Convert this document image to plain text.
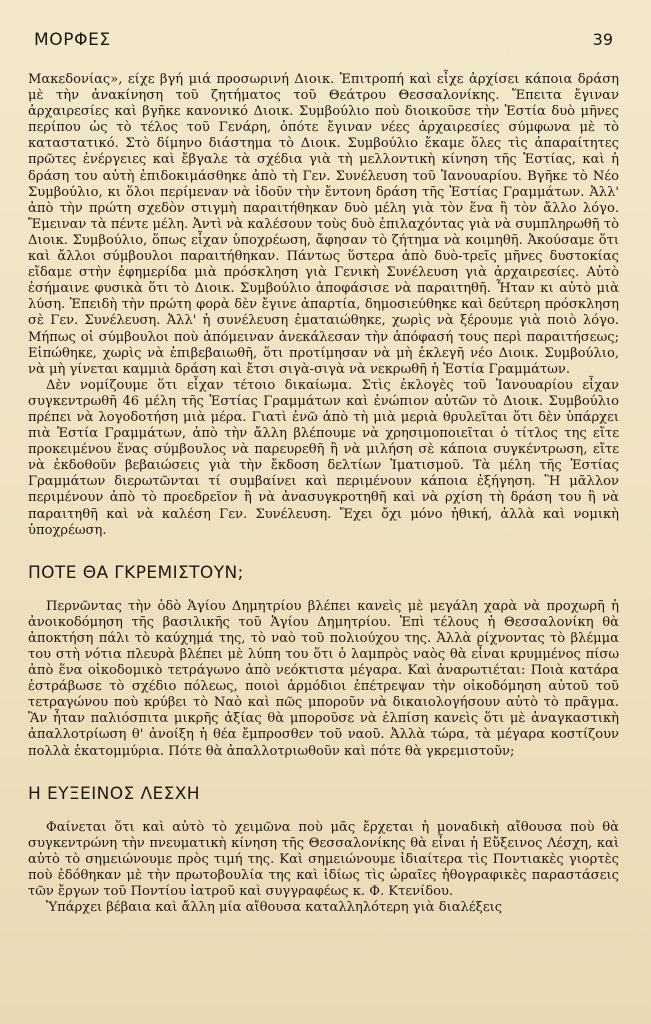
ΜΟΡΦΕΣ	39

Μακεδονίας», είχε βγή μιά προσωρινή Διοικ. Ἐπιτροπή καὶ εἶχε ἀρχίσει κάποια δράση μὲ τὴν ἀνακίνηση τοῦ ζητήματος τοῦ Θεάτρου Θεσσαλονίκης. Ἔπειτα ἔγιναν ἀρχαιρεσίες καὶ βγῆκε κανονικό Διοικ. Συμβούλιο ποὺ διοικοῦσε τὴν Ἑστία δυὸ μῆνες περίπου ὡς τὸ τέλος τοῦ Γενάρη, ὁπότε ἔγιναν νέες ἀρχαιρεσίες σύμφωνα μὲ τὸ καταστατικό. Στὸ δίμηνο διάστημα τὸ Διοικ. Συμβούλιο ἔκαμε ὅλες τὶς ἀπαραίτητες πρῶτες ἐνέργειες καὶ ἔβγαλε τὰ σχέδια γιὰ τὴ μελλοντικὴ κίνηση τῆς Ἑστίας, καὶ ἡ δράση του αὐτὴ ἐπιδοκιμάσθηκε ἀπὸ τὴ Γεν. Συνέλευση τοῦ Ἰανουαρίου. Βγῆκε τὸ Νέο Συμβούλιο, κι ὅλοι περίμεναν νὰ ἰδοῦν τὴν ἔντονη δράση τῆς Ἑστίας Γραμμάτων. Ἀλλ' ἀπὸ τὴν πρώτη σχεδὸν στιγμὴ παραιτήθηκαν δυὸ μέλη γιὰ τὸν ἕνα ἢ τὸν ἄλλο λόγο. Ἔμειναν τὰ πέντε μέλη. Ἀντὶ νὰ καλέσουν τοὺς δυὸ ἐπιλαχόντας γιὰ νὰ συμπληρωθῆ τὸ Διοικ. Συμβούλιο, ὅπως εἶχαν ὑποχρέωση, ἄφησαν τὸ ζήτημα νὰ κοιμηθῆ. Ἀκούσαμε ὅτι καὶ ἄλλοι σύμβουλοι παραιτήθηκαν. Πάντως ὕστερα ἀπὸ δυὸ-τρεῖς μῆνες δυστοκίας εἴδαμε στὴν ἐφημερίδα μιὰ πρόσκληση γιὰ Γενικὴ Συνέλευση γιὰ ἀρχαιρεσίες. Αὐτὸ ἐσήμαινε φυσικὰ ὅτι τὸ Διοικ. Συμβούλιο ἀποφάσισε νὰ παραιτηθῆ. Ἦταν κι αὐτὸ μιὰ λύση. Ἐπειδὴ τὴν πρώτη φορὰ δὲν ἔγινε ἀπαρτία, δημοσιεύθηκε καὶ δεύτερη πρόσκληση σὲ Γεν. Συνέλευση. Ἀλλ' ἡ συνέλευση ἐματαιώθηκε, χωρὶς νὰ ξέρουμε γιὰ ποιὸ λόγο. Μήπως οἱ σύμβουλοι ποὺ ἀπόμειναν ἀνεκάλεσαν τὴν ἀπόφασή τους περὶ παραιτήσεως; Εἰπώθηκε, χωρὶς νὰ ἐπιβεβαιωθῆ, ὅτι προτίμησαν νὰ μὴ ἐκλεγῆ νέο Διοικ. Συμβούλιο, νὰ μὴ γίνεται καμμιὰ δράση καὶ ἔτσι σιγὰ-σιγὰ νὰ νεκρωθῆ ἡ Ἑστία Γραμμάτων.

Δὲν νομίζουμε ὅτι εἶχαν τέτοιο δικαίωμα. Στὶς ἐκλογὲς τοῦ Ἰανουαρίου εἶχαν συγκεντρωθῆ 46 μέλη τῆς Ἑστίας Γραμμάτων καὶ ἐνώπιον αὐτῶν τὸ Διοικ. Συμβούλιο πρέπει νὰ λογοδοτήση μιὰ μέρα. Γιατὶ ἐνῶ ἀπὸ τὴ μιὰ μεριὰ θρυλεῖται ὅτι δὲν ὑπάρχει πιὰ Ἑστία Γραμμάτων, ἀπὸ τὴν ἄλλη βλέπουμε νὰ χρησιμοποιεῖται ὁ τίτλος της εἴτε προκειμένου ἕνας σύμβουλος νὰ παρευρεθῆ ἢ νὰ μιλήση σὲ κάποια συγκέντρωση, εἴτε νὰ ἐκδοθοῦν βεβαιώσεις γιὰ τὴν ἔκδοση δελτίων Ἱματισμοῦ. Τὰ μέλη τῆς Ἑστίας Γραμμάτων διερωτῶνται τί συμβαίνει καὶ περιμένουν κάποια ἐξήγηση. Ἢ μᾶλλον περιμένουν ἀπὸ τὸ προεδρεῖον ἢ νὰ ἀνασυγκροτηθῆ καὶ νὰ ρχίση τὴ δράση του ἢ νὰ παραιτηθῆ καὶ νὰ καλέση Γεν. Συνέλευση. Ἔχει ὄχι μόνο ἠθική, ἀλλὰ καὶ νομικὴ ὑποχρέωση.

ΠΟΤΕ ΘΑ ΓΚΡΕΜΙΣΤΟΥΝ;

Περνῶντας τὴν ὁδὸ Ἁγίου Δημητρίου βλέπει κανεὶς μὲ μεγάλη χαρὰ νὰ προχωρῆ ἡ ἀνοικοδόμηση τῆς βασιλικῆς τοῦ Ἁγίου Δημητρίου. Ἐπὶ τέλους ἡ Θεσσαλονίκη θὰ ἀποκτήση πάλι τὸ καύχημά της, τὸ ναὸ τοῦ πολιούχου της. Ἀλλὰ ρίχνοντας τὸ βλέμμα του στὴ νότια πλευρὰ βλέπει μὲ λύπη του ὅτι ὁ λαμπρὸς ναὸς θὰ εἶναι κρυμμένος πίσω ἀπὸ ἕνα οἰκοδομικὸ τετράγωνο ἀπὸ νεόκτιστα μέγαρα. Καὶ ἀναρωτιέται: Ποιὰ κατάρα ἐστράβωσε τὸ σχέδιο πόλεως, ποιοὶ ἁρμόδιοι ἐπέτρεψαν τὴν οἰκοδόμηση αὐτοῦ τοῦ τετραγώνου ποὺ κρύβει τὸ Ναὸ καὶ πῶς μποροῦν νὰ δικαιολογήσουν αὐτὸ τὸ πρᾶγμα. Ἂν ἦταν παλιόσπιτα μικρῆς ἀξίας θὰ μποροῦσε νὰ ἐλπίση κανεὶς ὅτι μὲ ἀναγκαστικὴ ἀπαλλοτρίωση θ' ἀνοίξη ἡ θέα ἔμπροσθεν τοῦ ναοῦ. Ἀλλὰ τώρα, τὰ μέγαρα κοστίζουν πολλὰ ἑκατομμύρια. Πότε θὰ ἀπαλλοτριωθοῦν καὶ πότε θὰ γκρεμιστοῦν;

Η ΕΥΞΕΙΝΟΣ ΛΕΣΧΗ

Φαίνεται ὅτι καὶ αὐτὸ τὸ χειμῶνα ποὺ μᾶς ἔρχεται ἡ μοναδικὴ αἴθουσα ποὺ θὰ συγκεντρώνη τὴν πνευματικὴ κίνηση τῆς Θεσσαλονίκης θὰ εἶναι ἡ Εὔξεινος Λέσχη, καὶ αὐτὸ τὸ σημειώνουμε πρὸς τιμή της. Καὶ σημειώνουμε ἰδιαίτερα τὶς Ποντιακὲς γιορτὲς ποὺ ἐδόθηκαν μὲ τὴν πρωτοβουλία της καὶ ἰδίως τὶς ὡραῖες ἠθογραφικὲς παραστάσεις τῶν ἔργων τοῦ Ποντίου ἰατροῦ καὶ συγγραφέως κ. Φ. Κτενίδου.

Ὑπάρχει βέβαια καὶ ἄλλη μία αἴθουσα καταλληλότερη γιὰ διαλέξεις
